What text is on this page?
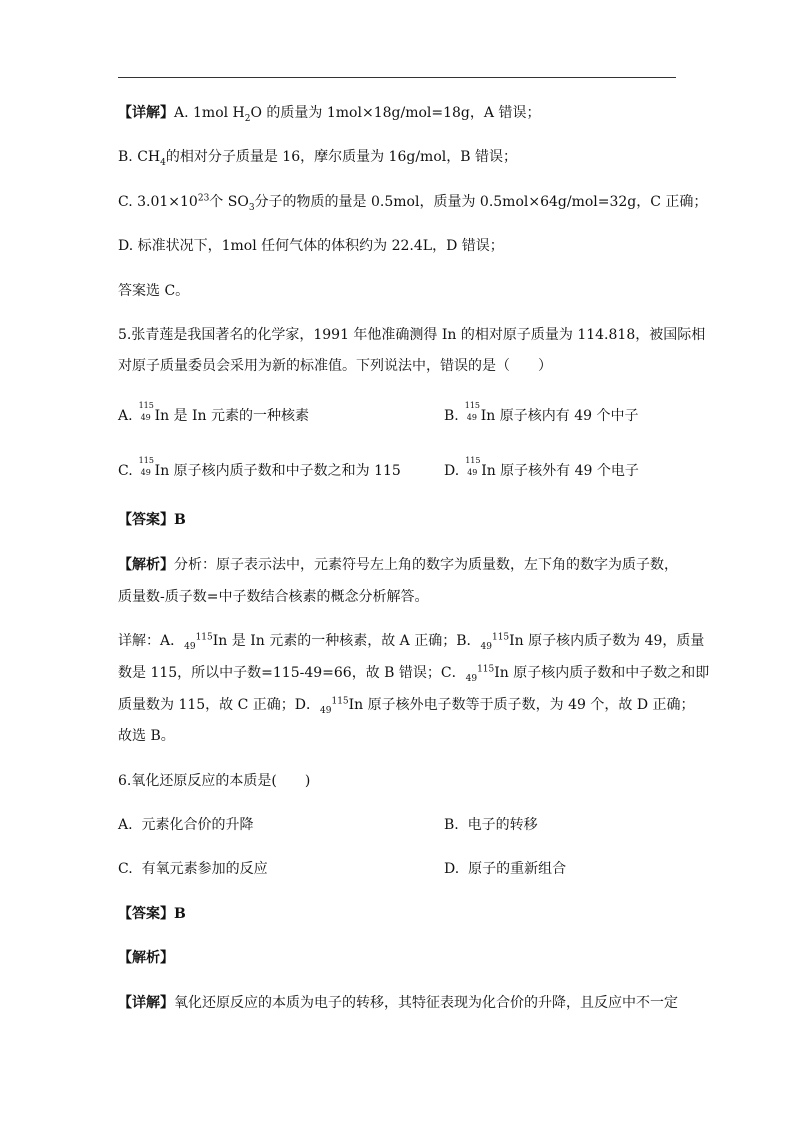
【详解】A. 1mol $H_2O$ 的质量为 1mol×18g/mol=18g，A 错误；
B. $CH_4$的相对分子质量是 16，摩尔质量为 16g/mol，B 错误；
C. $3.01\times 10^{23}$个 $SO_3$分子的物质的量是 0.5mol，质量为 0.5mol×64g/mol=32g，C 正确；
D. 标准状况下，1mol 任何气体的体积约为 22.4L，D 错误；
答案选 C。
5.张青莲是我国著名的化学家，1991 年他准确测得 In 的相对原子质量为 114.818，被国际相
对原子质量委员会采用为新的标准值。下列说法中，错误的是（　　）
A.
115
49 In 是 In 元素的一种核素	B.
115
49 In 原子核内有 49 个中子
C.
115
49 In 原子核内质子数和中子数之和为 115	D.
115
49 In 原子核外有 49 个电子
【答案】B
【解析】分析：原子表示法中，元素符号左上角的数字为质量数，左下角的数字为质子数，
质量数-质子数=中子数结合核素的概念分析解答。
详解：A．$_{49}^{115}$In 是 In 元素的一种核素，故 A 正确；B．$_{49}^{115}$In 原子核内质子数为 49，质量
数是 115，所以中子数=115-49=66，故 B 错误；C．$_{49}^{115}$In 原子核内质子数和中子数之和即
质量数为 115，故 C 正确；D．$_{49}^{115}$In 原子核外电子数等于质子数，为 49 个，故 D 正确；
故选 B。
6.氧化还原反应的本质是(　　)
A. 元素化合价的升降	B. 电子的转移
C. 有氧元素参加的反应	D. 原子的重新组合
【答案】B
【解析】
【详解】氧化还原反应的本质为电子的转移，其特征表现为化合价的升降，且反应中不一定
